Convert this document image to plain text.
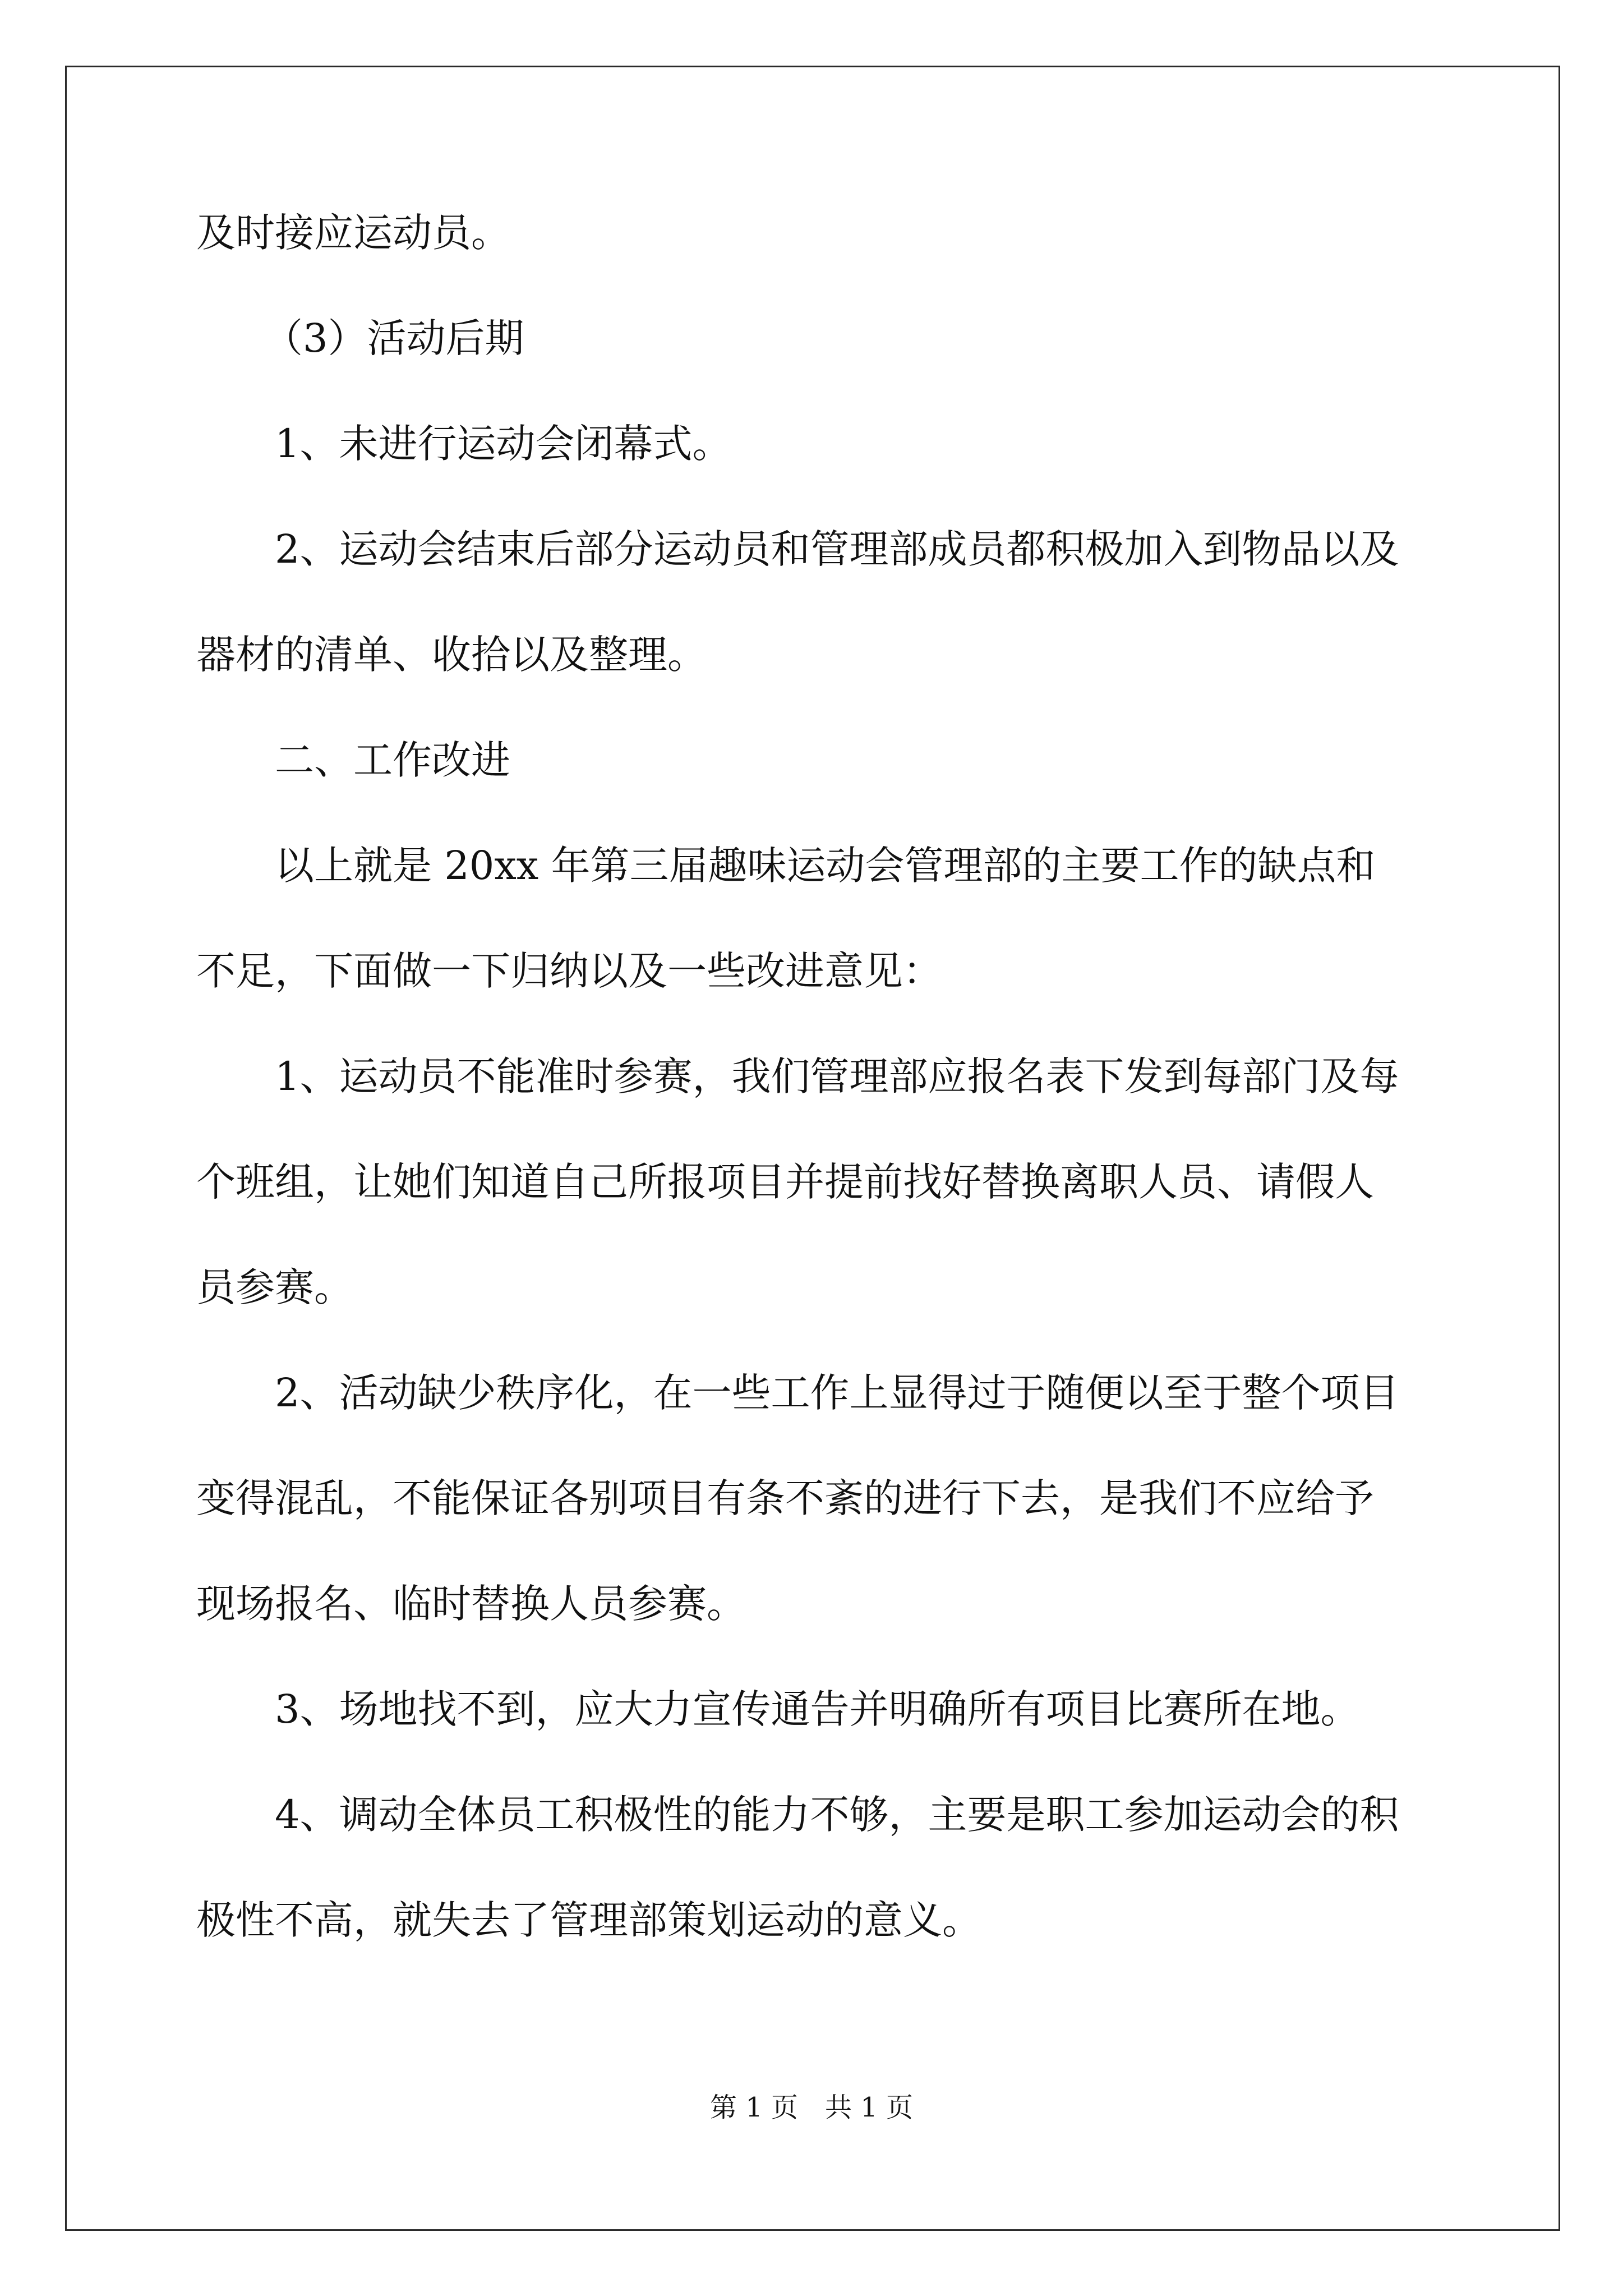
及时接应运动员。
（3）活动后期
1、未进行运动会闭幕式。
2、运动会结束后部分运动员和管理部成员都积极加入到物品以及
器材的清单、收拾以及整理。
二、工作改进
以上就是 20xx 年第三届趣味运动会管理部的主要工作的缺点和
不足，下面做一下归纳以及一些改进意见：
1、运动员不能准时参赛，我们管理部应报名表下发到每部门及每
个班组，让她们知道自己所报项目并提前找好替换离职人员、请假人
员参赛。
2、活动缺少秩序化，在一些工作上显得过于随便以至于整个项目
变得混乱，不能保证各别项目有条不紊的进行下去，是我们不应给予
现场报名、临时替换人员参赛。
3、场地找不到，应大力宣传通告并明确所有项目比赛所在地。
4、调动全体员工积极性的能力不够，主要是职工参加运动会的积
极性不高，就失去了管理部策划运动的意义。
第 1 页　共 1 页
